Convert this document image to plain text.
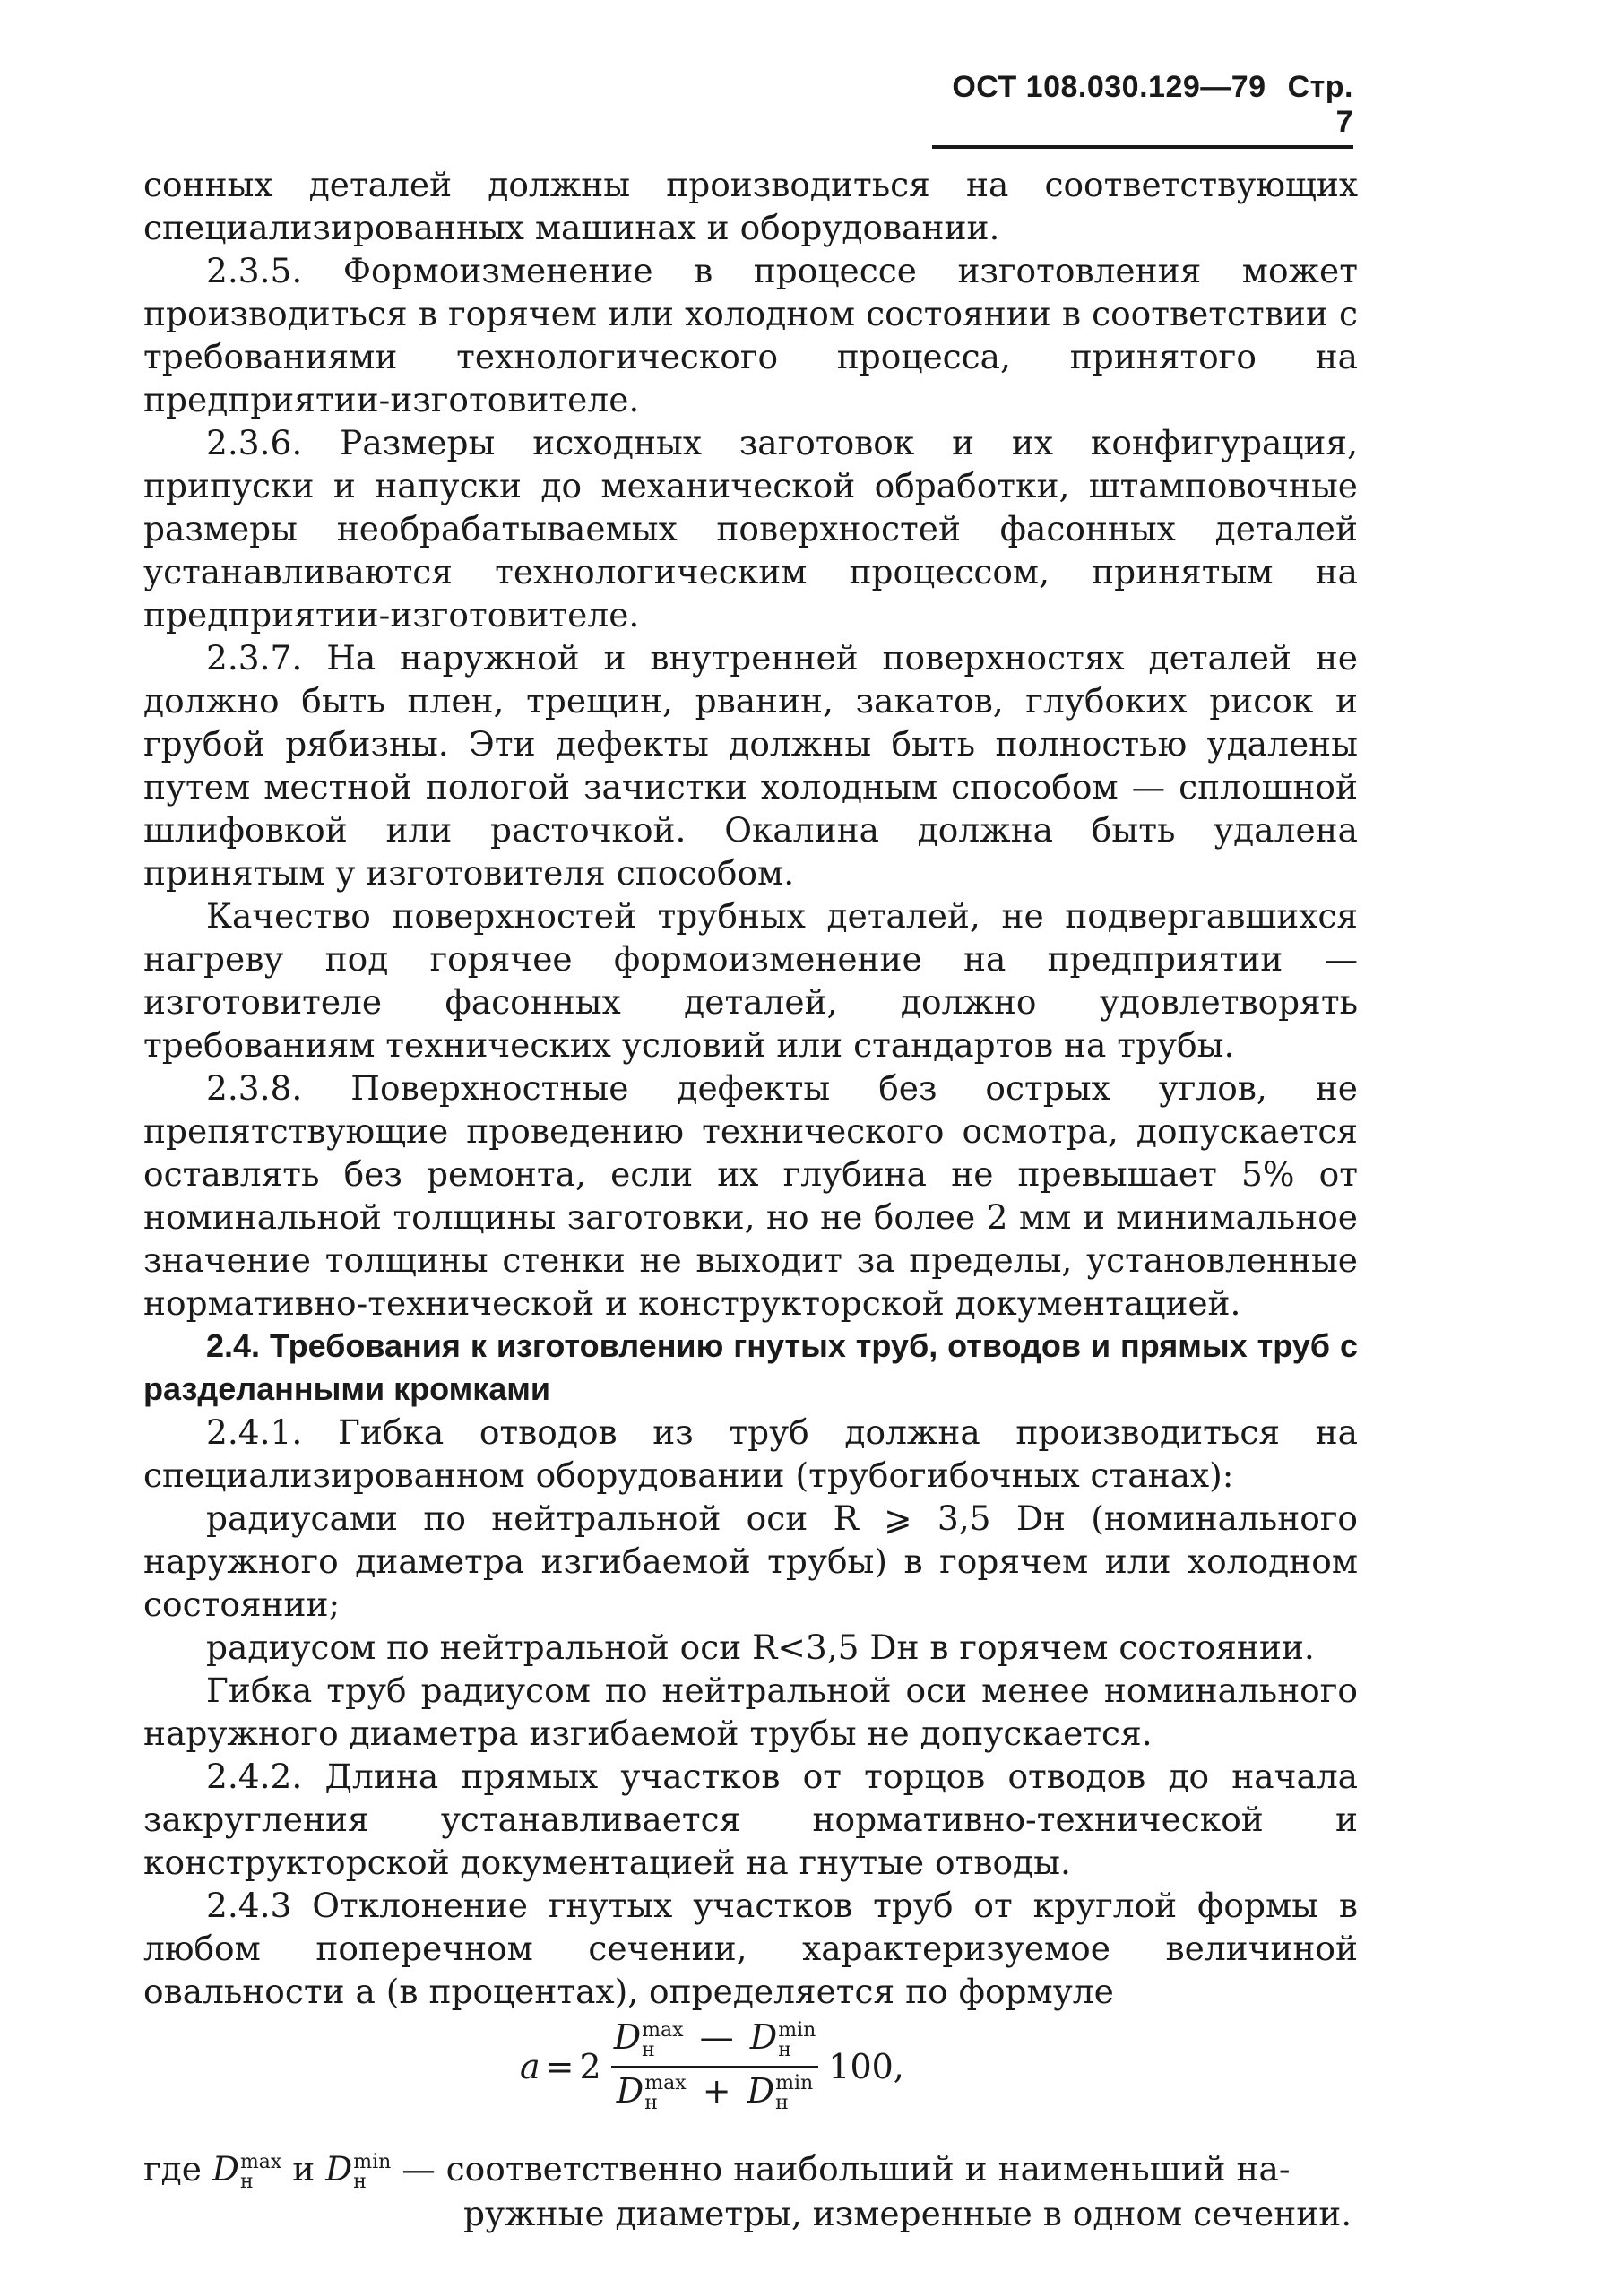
ОСТ 108.030.129—79 Стр. 7

сонных деталей должны производиться на соответствующих специализированных машинах и оборудовании.

2.3.5. Формоизменение в процессе изготовления может производиться в горячем или холодном состоянии в соответствии с требованиями технологического процесса, принятого на предприятии-изготовителе.

2.3.6. Размеры исходных заготовок и их конфигурация, припуски и напуски до механической обработки, штамповочные размеры необрабатываемых поверхностей фасонных деталей устанавливаются технологическим процессом, принятым на предприятии-изготовителе.

2.3.7. На наружной и внутренней поверхностях деталей не должно быть плен, трещин, рванин, закатов, глубоких рисок и грубой рябизны. Эти дефекты должны быть полностью удалены путем местной пологой зачистки холодным способом — сплошной шлифовкой или расточкой. Окалина должна быть удалена принятым у изготовителя способом.

Качество поверхностей трубных деталей, не подвергавшихся нагреву под горячее формоизменение на предприятии — изготовителе фасонных деталей, должно удовлетворять требованиям технических условий или стандартов на трубы.

2.3.8. Поверхностные дефекты без острых углов, не препятствующие проведению технического осмотра, допускается оставлять без ремонта, если их глубина не превышает 5% от номинальной толщины заготовки, но не более 2 мм и минимальное значение толщины стенки не выходит за пределы, установленные нормативно-технической и конструкторской документацией.

2.4. Требования к изготовлению гнутых труб, отводов и прямых труб с разделанными кромками

2.4.1. Гибка отводов из труб должна производиться на специализированном оборудовании (трубогибочных станах):

радиусами по нейтральной оси R ⩾ 3,5 Dн (номинального наружного диаметра изгибаемой трубы) в горячем или холодном состоянии;

радиусом по нейтральной оси R<3,5 Dн в горячем состоянии.

Гибка труб радиусом по нейтральной оси менее номинального наружного диаметра изгибаемой трубы не допускается.

2.4.2. Длина прямых участков от торцов отводов до начала закругления устанавливается нормативно-технической и конструкторской документацией на гнутые отводы.

2.4.3 Отклонение гнутых участков труб от круглой формы в любом поперечном сечении, характеризуемое величиной овальности a (в процентах), определяется по формуле

a = 2 D max
н	— D min
н
D max
н	+ D min
н 100,

где D max
н	и D min
н	— соответственно наибольший и наименьший на-

ружные диаметры, измеренные в одном сечении.
